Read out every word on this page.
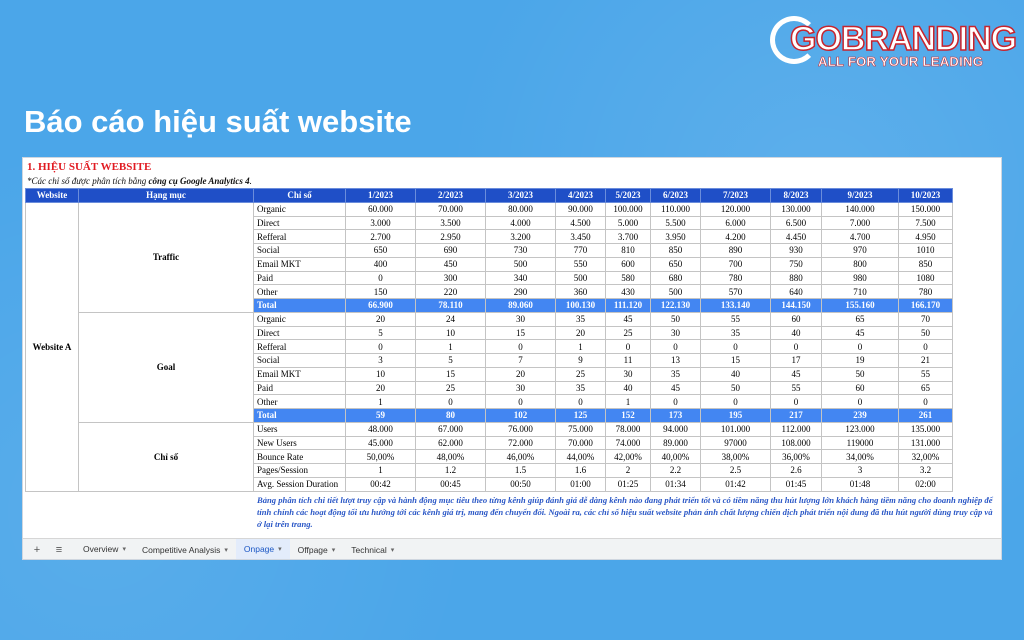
GOBRANDING
ALL FOR YOUR LEADING
Báo cáo hiệu suất website
1. HIỆU SUẤT WEBSITE
*Các chỉ số được phân tích bằng công cụ Google Analytics 4.
Website	Hạng mục	Chỉ số	1/2023	2/2023	3/2023	4/2023	5/2023	6/2023	7/2023	8/2023	9/2023	10/2023
Website A	Traffic	Organic	60.000	70.000	80.000	90.000	100.000	110.000	120.000	130.000	140.000	150.000
		Direct	3.000	3.500	4.000	4.500	5.000	5.500	6.000	6.500	7.000	7.500
		Refferal	2.700	2.950	3.200	3.450	3.700	3.950	4.200	4.450	4.700	4.950
		Social	650	690	730	770	810	850	890	930	970	1010
		Email MKT	400	450	500	550	600	650	700	750	800	850
		Paid	0	300	340	500	580	680	780	880	980	1080
		Other	150	220	290	360	430	500	570	640	710	780
		Total	66.900	78.110	89.060	100.130	111.120	122.130	133.140	144.150	155.160	166.170
	Goal	Organic	20	24	30	35	45	50	55	60	65	70
		Direct	5	10	15	20	25	30	35	40	45	50
		Refferal	0	1	0	1	0	0	0	0	0	0
		Social	3	5	7	9	11	13	15	17	19	21
		Email MKT	10	15	20	25	30	35	40	45	50	55
		Paid	20	25	30	35	40	45	50	55	60	65
		Other	1	0	0	0	1	0	0	0	0	0
		Total	59	80	102	125	152	173	195	217	239	261
	Chỉ số	Users	48.000	67.000	76.000	75.000	78.000	94.000	101.000	112.000	123.000	135.000
		New Users	45.000	62.000	72.000	70.000	74.000	89.000	97000	108.000	119000	131.000
		Bounce Rate	50,00%	48,00%	46,00%	44,00%	42,00%	40,00%	38,00%	36,00%	34,00%	32,00%
		Pages/Session	1	1.2	1.5	1.6	2	2.2	2.5	2.6	3	3.2
		Avg. Session Duration	00:42	00:45	00:50	01:00	01:25	01:34	01:42	01:45	01:48	02:00
Bảng phân tích chi tiết lượt truy cập và hành động mục tiêu theo từng kênh giúp đánh giá dễ dàng kênh nào đang phát triển tốt và có tiềm năng thu hút lượng lớn khách hàng tiềm năng cho doanh nghiệp để tính chính các hoạt động tối ưu hướng tới các kênh giá trị, mang đến chuyển đổi. Ngoài ra, các chỉ số hiệu suất website phản ánh chất lượng chiến dịch phát triển nội dung đã thu hút người dùng truy cập và ở lại trên trang.
+	≡	Overview ▾ Competitive Analysis ▾ Onpage ▾ Offpage ▾ Technical ▾
